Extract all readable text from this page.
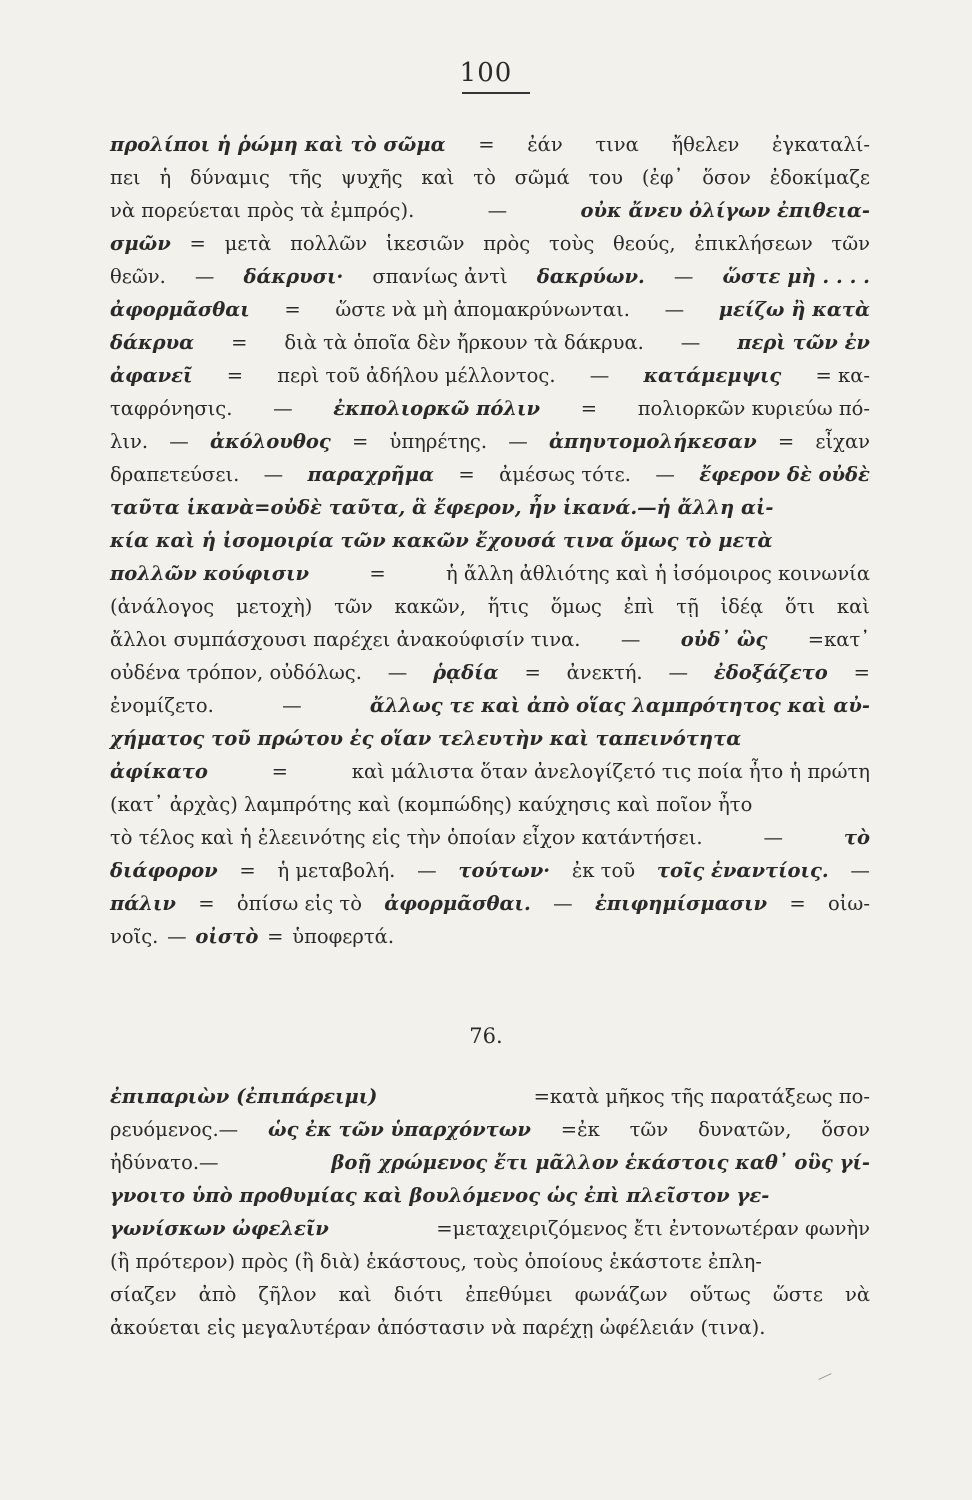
100
προλίποι ἡ ῥώμη καὶ τὸ σῶμα = ἐάν τινα ἤθελεν ἐγκαταλί-
πει ἡ δύναμις τῆς ψυχῆς καὶ τὸ σῶμά του (ἐφ᾽ ὅσον ἐδοκίμαζε
νὰ πορεύεται πρὸς τὰ ἐμπρός).	—	οὐκ ἄνευ ὀλίγων ἐπιθεια-
σμῶν = μετὰ πολλῶν ἱκεσιῶν πρὸς τοὺς θεούς, ἐπικλήσεων τῶν
θεῶν. — δάκρυσι· σπανίως ἀντὶ δακρύων. — ὥστε μὴ . . . .
ἀφορμᾶσθαι = ὥστε νὰ μὴ ἀπομακρύνωνται. — μείζω ἢ κατὰ
δάκρυα = διὰ τὰ ὁποῖα δὲν ἤρκουν τὰ δάκρυα. — περὶ τῶν ἐν
ἀφανεῖ = περὶ τοῦ ἀδήλου μέλλοντος. — κατάμεμψις = κα-
ταφρόνησις. — ἐκπολιορκῶ πόλιν = πολιορκῶν κυριεύω πό-
λιν. — ἀκόλουθος = ὑπηρέτης. — ἀπηυτομολήκεσαν = εἶχαν
δραπετεύσει. — παραχρῆμα = ἀμέσως τότε. — ἔφερον δὲ οὐδὲ
ταῦτα ἱκανὰ=οὐδὲ ταῦτα, ἃ ἔφερον, ἦν ἱκανά.—ἡ ἄλλη αἰ-
κία καὶ ἡ ἰσομοιρία τῶν κακῶν ἔχουσά τινα ὅμως τὸ μετὰ
πολλῶν κούφισιν	=	ἡ ἄλλη ἀθλιότης καὶ ἡ ἰσόμοιρος κοινωνία
(ἀνάλογος μετοχὴ) τῶν κακῶν, ἥτις ὅμως ἐπὶ τῇ ἰδέᾳ ὅτι καὶ
ἄλλοι συμπάσχουσι παρέχει ἀνακούφισίν τινα. — οὐδ᾽ ὣς =κατ᾽
οὐδένα τρόπον, οὐδόλως. — ῥᾳδία = ἀνεκτή. — ἐδοξάζετο =
ἐνομίζετο.	—	ἄλλως τε καὶ ἀπὸ οἵας λαμπρότητος καὶ αὐ-
χήματος τοῦ πρώτου ἐς οἵαν τελευτὴν καὶ ταπεινότητα
ἀφίκατο	=	καὶ μάλιστα ὅταν ἀνελογίζετό τις ποία ἦτο ἡ πρώτη
(κατ᾽ ἀρχὰς) λαμπρότης καὶ (κομπώδης) καύχησις καὶ ποῖον ἦτο
τὸ τέλος καὶ ἡ ἐλεεινότης εἰς τὴν ὁποίαν εἶχον κατάντήσει.	—	τὸ
διάφορον = ἡ μεταβολή. — τούτων· ἐκ τοῦ τοῖς ἐναντίοις. —
πάλιν = ὀπίσω εἰς τὸ ἀφορμᾶσθαι. — ἐπιφημίσμασιν = οἰω-
νοῖς. — οἰστὸ = ὑποφερτά.
76.
ἐπιπαριὼν (ἐπιπάρειμι)	=κατὰ μῆκος τῆς παρατάξεως πο-
ρευόμενος.— ὡς ἐκ τῶν ὑπαρχόντων =ἐκ τῶν δυνατῶν, ὅσον
ἠδύνατο.—	βοῇ χρώμενος ἔτι μᾶλλον ἑκάστοις καθ᾽ οὓς γί-
γνοιτο ὑπὸ προθυμίας καὶ βουλόμενος ὡς ἐπὶ πλεῖστον γε-
γωνίσκων ὠφελεῖν	=μεταχειριζόμενος ἔτι ἐντονωτέραν φωνὴν
(ἢ πρότερον) πρὸς (ἢ διὰ) ἑκάστους, τοὺς ὁποίους ἑκάστοτε ἐπλη-
σίαζεν ἀπὸ ζῆλον καὶ διότι ἐπεθύμει φωνάζων οὕτως ὥστε νὰ
ἀκούεται εἰς μεγαλυτέραν ἀπόστασιν νὰ παρέχῃ ὠφέλειάν (τινα).
